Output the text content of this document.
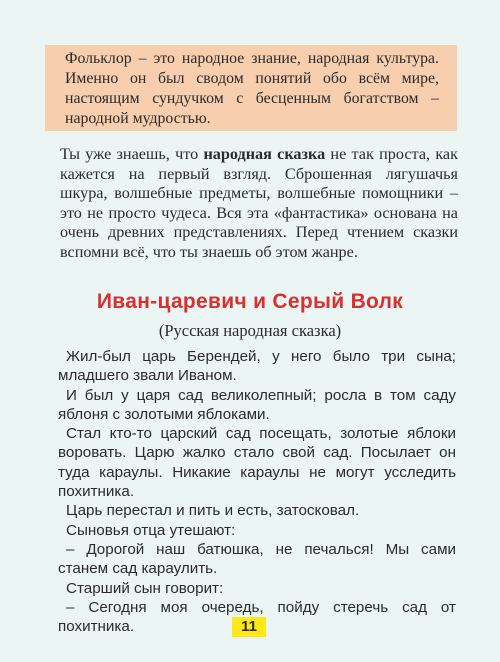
Фольклор – это народное знание, народная культура. Именно он был сводом понятий обо всём мире, настоящим сундучком с бесценным богатством – народной мудростью.
Ты уже знаешь, что народная сказка не так проста, как кажется на первый взгляд. Сброшенная лягушачья шкура, волшебные предметы, волшебные помощники – это не просто чудеса. Вся эта «фантастика» основана на очень древних представлениях. Перед чтением сказки вспомни всё, что ты знаешь об этом жанре.
Иван-царевич и Серый Волк
(Русская народная сказка)

Жил-был царь Берендей, у него было три сына; младшего звали Иваном.

И был у царя сад великолепный; росла в том саду яблоня с золотыми яблоками.

Стал кто-то царский сад посещать, золотые яблоки воровать. Царю жалко стало свой сад. Посылает он туда караулы. Никакие караулы не могут усследить похитника.

Царь перестал и пить и есть, затосковал.

Сыновья отца утешают:

– Дорогой наш батюшка, не печалься! Мы сами станем сад караулить.

Старший сын говорит:

– Сегодня моя очередь, пойду стеречь сад от похитника.	11
